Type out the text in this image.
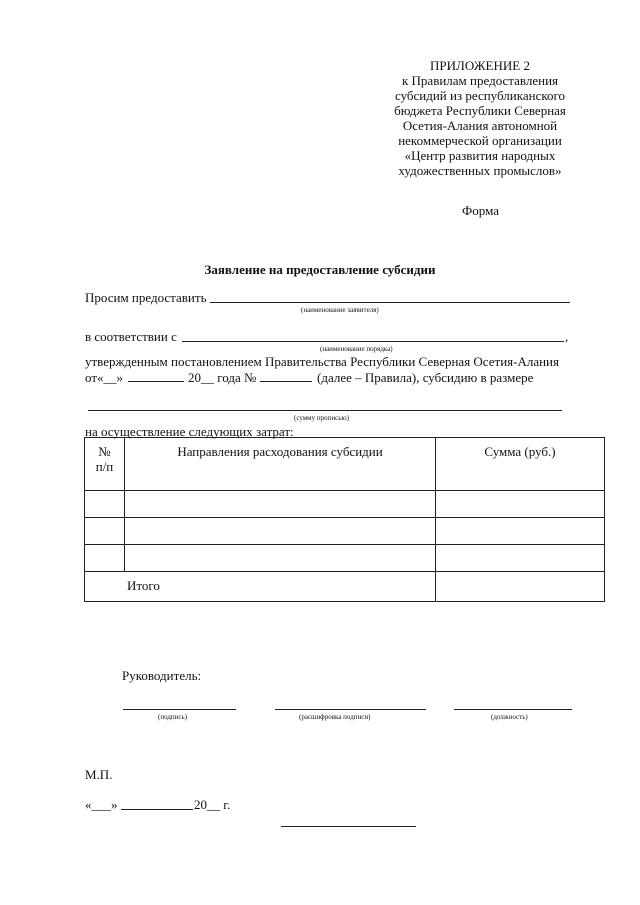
ПРИЛОЖЕНИЕ 2
к Правилам предоставления
субсидий из республиканского
бюджета Республики Северная
Осетия-Алания автономной
некоммерческой организации
«Центр развития народных
художественных промыслов»
Форма
Заявление на предоставление субсидии
Просим предоставить
(наименование заявителя)
в соответствии с	,
(наименование порядка)
утвержденным постановлением Правительства Республики Северная Осетия-Алания
от«__»	20__ года №	(далее – Правила), субсидию в размере
(сумму прописью)
на осуществление следующих затрат:
№ п/п	Направления расходования субсидии	Сумма (руб.)

Итого		
Руководитель:
(подпись)	(расшифровка подписи)	(должность)
М.П.
«___»	20__ г.
